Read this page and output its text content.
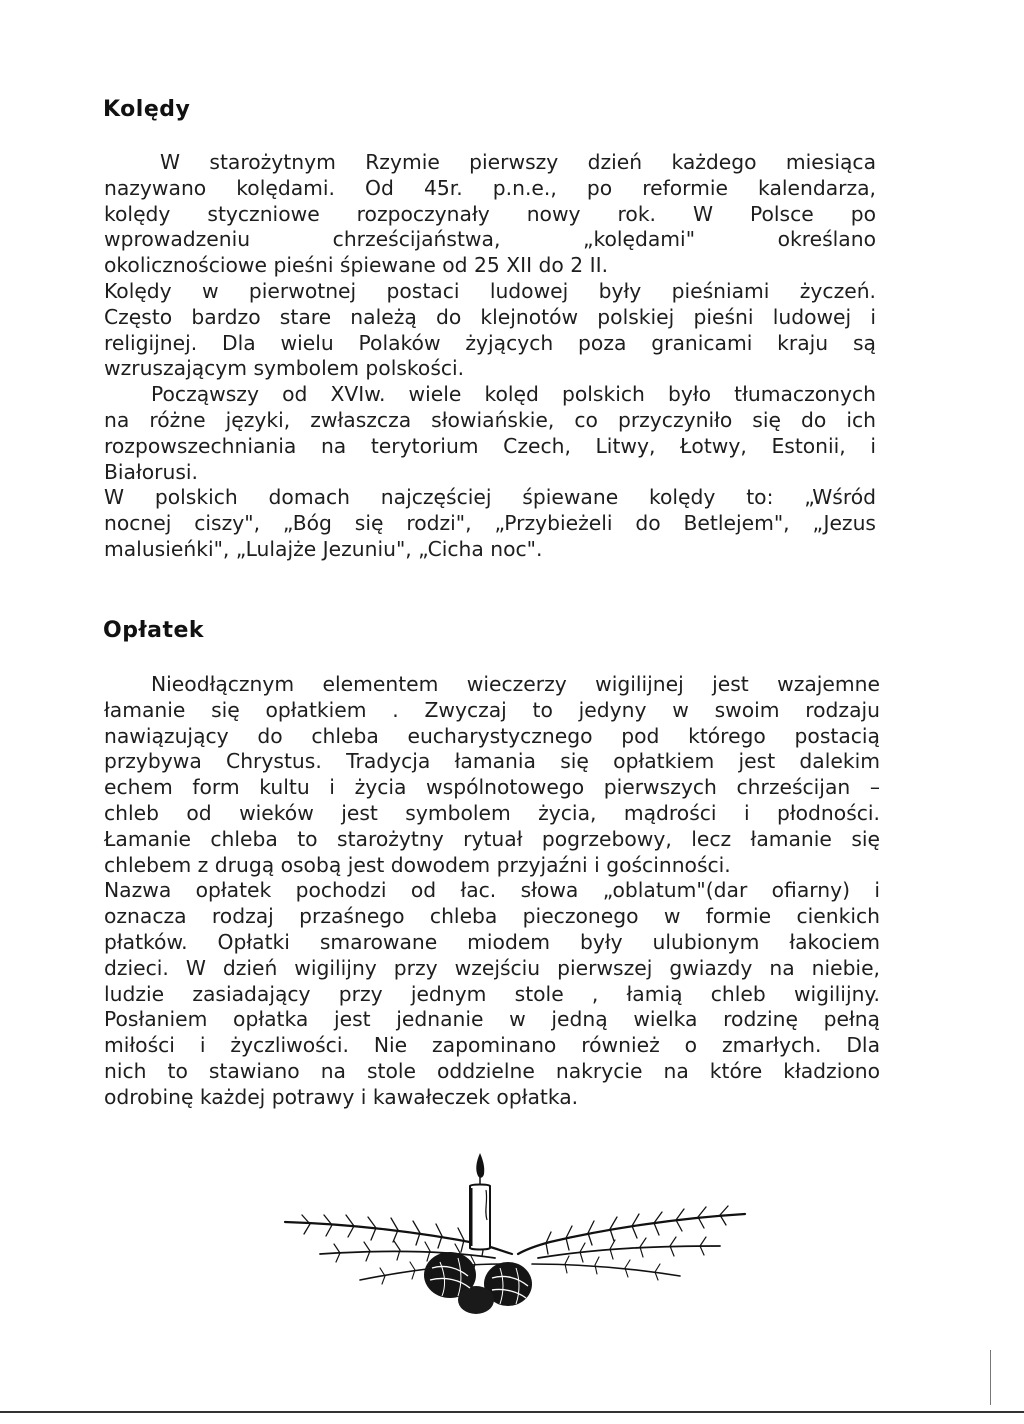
Kolędy
W starożytnym Rzymie pierwszy dzień każdego miesiąca
nazywano kolędami. Od 45r. p.n.e., po reformie kalendarza,
kolędy styczniowe rozpoczynały nowy rok. W Polsce po
wprowadzeniu chrześcijaństwa, „kolędami" określano
okolicznościowe pieśni śpiewane od 25 XII do 2 II.
Kolędy w pierwotnej postaci ludowej były pieśniami życzeń.
Często bardzo stare należą do klejnotów polskiej pieśni ludowej i
religijnej. Dla wielu Polaków żyjących poza granicami kraju są
wzruszającym symbolem polskości.
Począwszy od XVIw. wiele kolęd polskich było tłumaczonych
na różne języki, zwłaszcza słowiańskie, co przyczyniło się do ich
rozpowszechniania na terytorium Czech, Litwy, Łotwy, Estonii, i
Białorusi.
W polskich domach najczęściej śpiewane kolędy to: „Wśród
nocnej ciszy", „Bóg się rodzi", „Przybieżeli do Betlejem", „Jezus
malusieńki", „Lulajże Jezuniu", „Cicha noc".
Opłatek
Nieodłącznym elementem wieczerzy wigilijnej jest wzajemne
łamanie się opłatkiem . Zwyczaj to jedyny w swoim rodzaju
nawiązujący do chleba eucharystycznego pod którego postacią
przybywa Chrystus. Tradycja łamania się opłatkiem jest dalekim
echem form kultu i życia wspólnotowego pierwszych chrześcijan –
chleb od wieków jest symbolem życia, mądrości i płodności.
Łamanie chleba to starożytny rytuał pogrzebowy, lecz łamanie się
chlebem z drugą osobą jest dowodem przyjaźni i gościnności.
Nazwa opłatek pochodzi od łac. słowa „oblatum"(dar ofiarny) i
oznacza rodzaj przaśnego chleba pieczonego w formie cienkich
płatków. Opłatki smarowane miodem były ulubionym łakociem
dzieci. W dzień wigilijny przy wzejściu pierwszej gwiazdy na niebie,
ludzie zasiadający przy jednym stole , łamią chleb wigilijny.
Posłaniem opłatka jest jednanie w jedną wielka rodzinę pełną
miłości i życzliwości. Nie zapominano również o zmarłych. Dla
nich to stawiano na stole oddzielne nakrycie na które kładziono
odrobinę każdej potrawy i kawałeczek opłatka.
